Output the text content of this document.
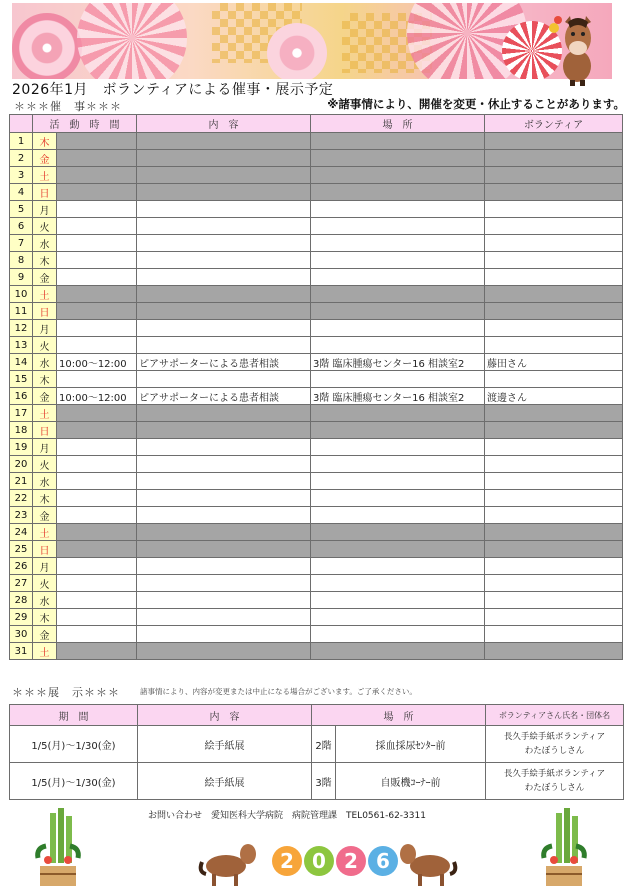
2026年1月　ボランティアによる催事・展示予定
＊＊＊催　事＊＊＊	※諸事情により、開催を変更・休止することがあります。
	活　動　時　間		内　容	場　所	ボランティア
1	木				
2	金				
3	土				
4	日				
5	月				
6	火				
7	水				
8	木				
9	金				
10	土				
11	日				
12	月				
13	火				
14	水	10:00～12:00	ピアサポーターによる患者相談	3階 臨床腫瘍センター16 相談室2	藤田さん
15	木				
16	金	10:00～12:00	ピアサポーターによる患者相談	3階 臨床腫瘍センター16 相談室2	渡邊さん
17	土				
18	日				
19	月				
20	火				
21	水				
22	木				
23	金				
24	土				
25	日				
26	月				
27	火				
28	水				
29	木				
30	金				
31	土				
＊＊＊展　示＊＊＊	諸事情により、内容が変更または中止になる場合がございます。ご了承ください。
期　間	内　容	場　所		ボランティアさん氏名・団体名
1/5(月)～1/30(金)	絵手紙展	2階	採血採尿ｾﾝﾀｰ前	長久手絵手紙ボランティア
わたぼうしさん

1/5(月)～1/30(金)	絵手紙展	3階	自販機ｺｰﾅｰ前	長久手絵手紙ボランティア
わたぼうしさん
お問い合わせ　愛知医科大学病院　病院管理課　TEL0561-62-3311
2 0 2 6
